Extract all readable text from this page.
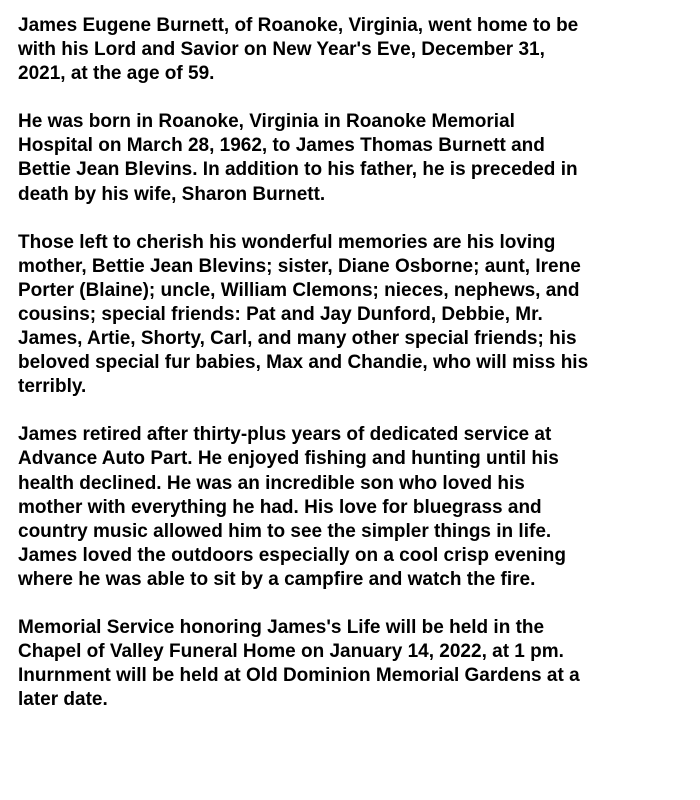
James Eugene Burnett, of Roanoke, Virginia, went home to be
with his Lord and Savior on New Year's Eve, December 31,
2021, at the age of 59.

He was born in Roanoke, Virginia in Roanoke Memorial
Hospital on March 28, 1962, to James Thomas Burnett and
Bettie Jean Blevins. In addition to his father, he is preceded in
death by his wife, Sharon Burnett.

Those left to cherish his wonderful memories are his loving
mother, Bettie Jean Blevins; sister, Diane Osborne; aunt, Irene
Porter (Blaine); uncle, William Clemons; nieces, nephews, and
cousins; special friends: Pat and Jay Dunford, Debbie, Mr.
James, Artie, Shorty, Carl, and many other special friends; his
beloved special fur babies, Max and Chandie, who will miss his
terribly.

James retired after thirty-plus years of dedicated service at
Advance Auto Part. He enjoyed fishing and hunting until his
health declined. He was an incredible son who loved his
mother with everything he had. His love for bluegrass and
country music allowed him to see the simpler things in life.
James loved the outdoors especially on a cool crisp evening
where he was able to sit by a campfire and watch the fire.

Memorial Service honoring James's Life will be held in the
Chapel of Valley Funeral Home on January 14, 2022, at 1 pm.
Inurnment will be held at Old Dominion Memorial Gardens at a
later date.
